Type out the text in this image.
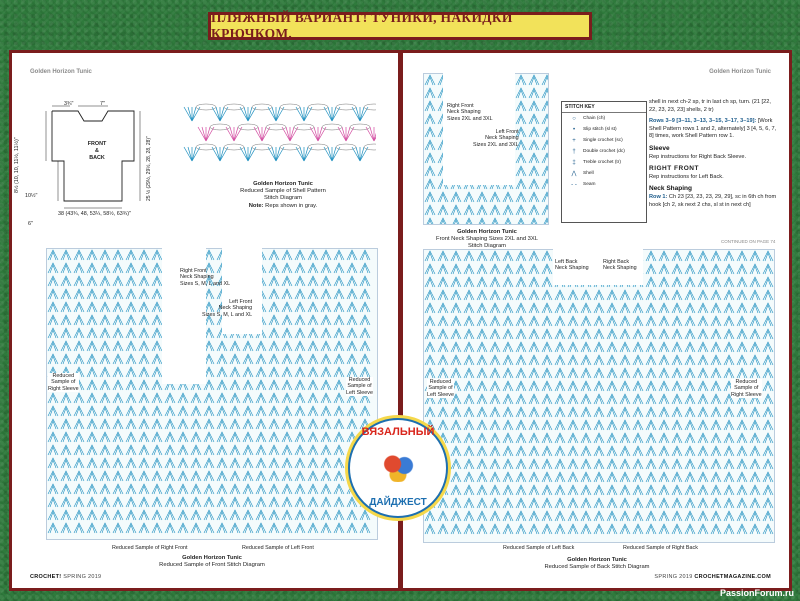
ПЛЯЖНЫЙ ВАРИАНТ! ТУНИКИ, НАКИДКИ КРЮЧКОМ.
Golden Horizon Tunic
3¾"	7"
FRONT
&
BACK
8½ (10, 10, 11½, 11½)"
10½"
6"
25 ½ (29½, 29½, 28, 28, 28)"
38 (43¾, 48, 53¼, 58½, 63¾)"
Golden Horizon Tunic
Reduced Sample of Shell Pattern
Stitch Diagram
Note: Reps shown in gray.
Right Front
Neck Shaping
Sizes S, M, L and XL
Left Front
Neck Shaping
Sizes S, M, L and XL
Reduced
Sample of
Right Sleeve
Reduced
Sample of
Left Sleeve
Reduced Sample of Right Front	Reduced Sample of Left Front
Golden Horizon Tunic
Reduced Sample of Front Stitch Diagram
CROCHET! SPRING 2019
Golden Horizon Tunic
Right Front
Neck Shaping
Sizes 2XL and 3XL
Left Front
Neck Shaping
Sizes 2XL and 3XL
Golden Horizon Tunic
Front Neck Shaping Sizes 2XL and 3XL
Stitch Diagram
STITCH KEY
○	Chain (ch)
•	Slip stitch (sl st)
+	Single crochet (sc)
†	Double crochet (dc)
‡	Treble crochet (tr)
⋀	Shell
- -	Seam
shell in next ch-2 sp, tr in last ch sp, turn. (21 [22, 22, 23, 23, 23] shells, 2 tr)
Rows 3–9 [3–11, 3–13, 3–15, 3–17, 3–19]: [Work Shell Pattern rows 1 and 2, alternately] 3 [4, 5, 6, 7, 8] times, work Shell Pattern row 1.
Sleeve
Rep instructions for Right Back Sleeve.
RIGHT FRONT
Rep instructions for Left Back.
Neck Shaping
Row 1: Ch 23 [23, 23, 23, 29, 29], sc in 6th ch from hook [ch 2, sk next 2 chs, sl st in next ch]
CONTINUED ON PAGE 74
Left Back
Neck Shaping
Right Back
Neck Shaping
Reduced
Sample of
Left Sleeve
Reduced
Sample of
Right Sleeve
Reduced Sample of Left Back	Reduced Sample of Right Back
Golden Horizon Tunic
Reduced Sample of Back Stitch Diagram
SPRING 2019 CROCHETMAGAZINE.COM
ВЯЗАЛЬНЫЙ
ДАЙДЖЕСТ
PassionForum.ru
